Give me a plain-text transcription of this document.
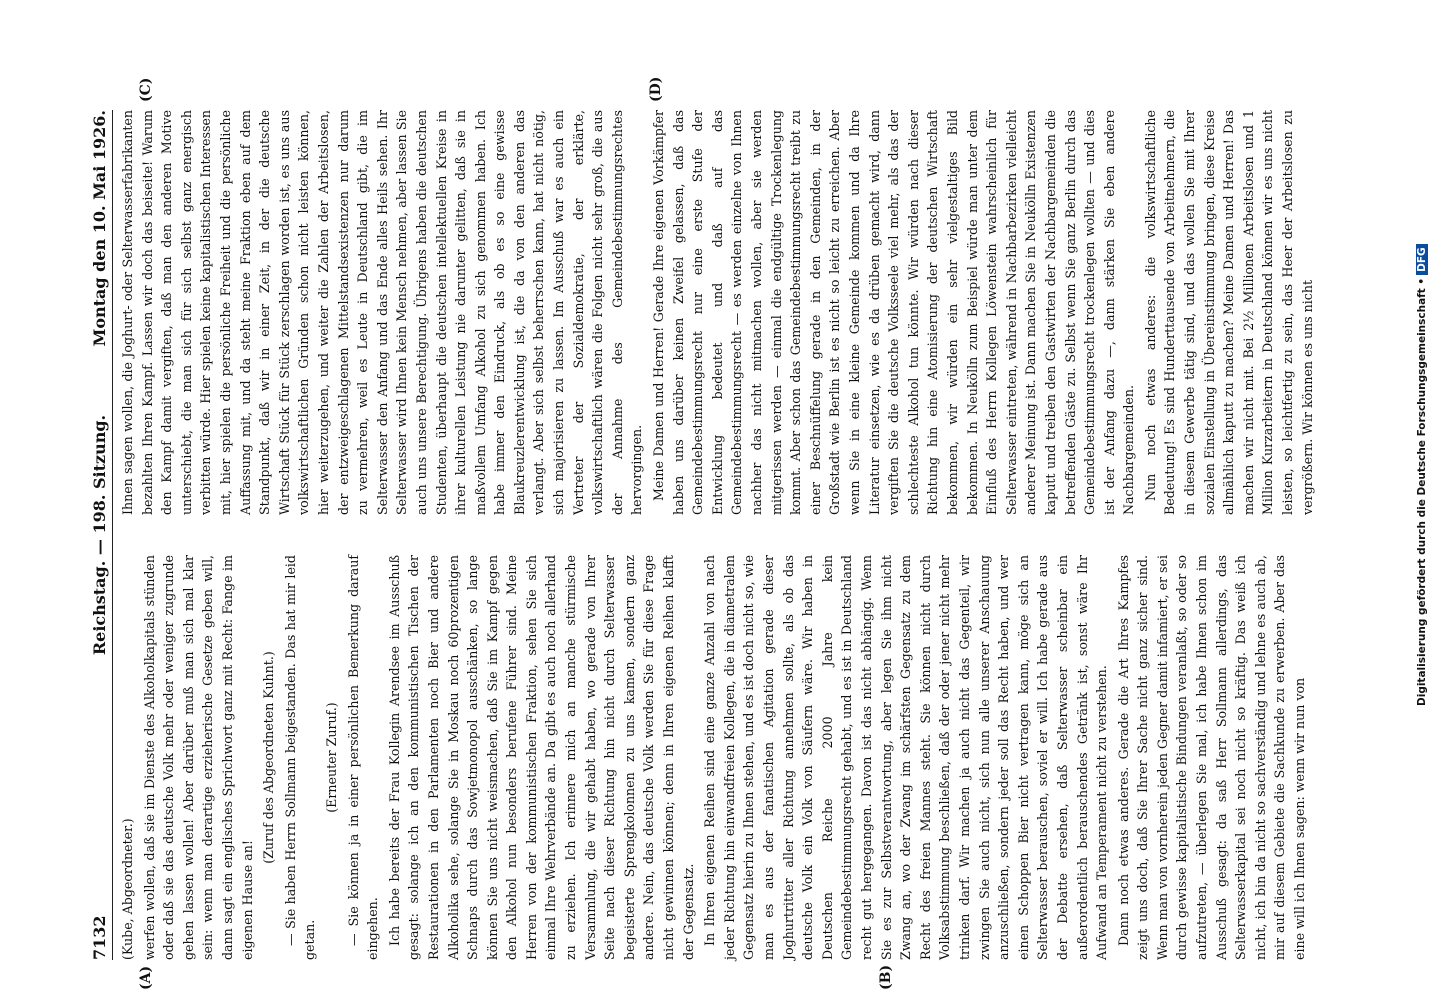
7132
Reichstag. — 198. Sitzung.
Montag den 10. Mai 1926.

(Kube, Abgeordneter.) werfen wollen, daß sie im Dienste des Alkoholkapitals stünden oder daß sie das deutsche Volk mehr oder weniger zugrunde gehen lassen wollen! Aber darüber muß man sich mal klar sein: wenn man derartige erzieherische Gesetze geben will, dann sagt ein englisches Sprichwort ganz mit Recht: Fange im eigenen Hause an!

(Zuruf des Abgeordneten Kuhnt.) — Sie haben Herrn Sollmann beigestanden. Das hat mir leid getan.

(Erneuter Zuruf.) — Sie können ja in einer persönlichen Bemerkung darauf eingehen. Ich habe bereits der Frau Kollegin Arendsee im Ausschuß gesagt: solange ich an den kommunistischen Tischen der Restaurationen in den Parlamenten noch Bier und andere Alkoholika sehe, solange Sie in Moskau noch 60prozentigen Schnaps durch das Sowjetmonopol ausschänken, so lange können Sie uns nicht weismachen, daß Sie im Kampf gegen den Alkohol nun besonders berufene Führer sind. Meine Herren von der kommunistischen Fraktion, sehen Sie sich einmal Ihre Wehrverbände an. Da gibt es auch noch allerhand zu erziehen. Ich erinnere mich an manche stürmische Versammlung, die wir gehabt haben, wo gerade von Ihrer Seite nach dieser Richtung hin nicht durch Selterwasser begeisterte Sprengkolonnen zu uns kamen, sondern ganz andere. Nein, das deutsche Volk werden Sie für diese Frage nicht gewinnen können; denn in Ihren eigenen Reihen klafft der Gegensatz. In Ihren eigenen Reihen sind eine ganze Anzahl von nach jeder Richtung hin einwandfreien Kollegen, die in diametralem Gegensatz hierin zu Ihnen stehen, und es ist doch nicht so, wie man es aus der fanatischen Agitation gerade dieser Joghurtritter aller Richtung annehmen sollte, als ob das deutsche Volk ein Volk von Säufern wäre. Wir haben in Deutschen Reiche 2000 Jahre kein Gemeindebestimmungsrecht gehabt, und es ist in Deutschland recht gut hergegangen. Davon ist das nicht abhängig. Wenn Sie es zur Selbstverantwortung, aber legen Sie ihm nicht Zwang an, wo der Zwang im schärfsten Gegensatz zu dem Recht des freien Mannes steht. Sie können nicht durch Volksabstimmung beschließen, daß der oder jener nicht mehr trinken darf. Wir machen ja auch nicht das Gegenteil, wir zwingen Sie auch nicht, sich nun alle unserer Anschauung anzuschließen, sondern jeder soll das Recht haben, und wer einen Schoppen Bier nicht vertragen kann, möge sich an Selterwasser berauschen, soviel er will. Ich habe gerade aus der Debatte ersehen, daß Selterwasser scheinbar ein außerordentlich berauschendes Getränk ist, sonst wäre Ihr Aufwand an Temperament nicht zu verstehen. Dann noch etwas anderes. Gerade die Art Ihres Kampfes zeigt uns doch, daß Sie Ihrer Sache nicht ganz sicher sind. Wenn man von vornherein jeden Gegner damit infamiert, er sei durch gewisse kapitalistische Bindungen veranlaßt, so oder so aufzutreten, — überlegen Sie mal, ich habe Ihnen schon im Ausschuß gesagt: da saß Herr Sollmann allerdings, das Selterwasserkapital sei noch nicht so kräftig. Das weiß ich nicht, ich bin da nicht so sachverständig und lehne es auch ab, mir auf diesem Gebiete die Sachkunde zu erwerben. Aber das eine will ich Ihnen sagen: wenn wir nun von

Ihnen sagen wollen, die Joghurt- oder Selterwasserfabrikanten bezahlten Ihren Kampf. Lassen wir doch das beiseite! Warum den Kampf damit vergiften, daß man den anderen Motive unterschiebt, die man sich für sich selbst ganz energisch verbitten würde. Hier spielen keine kapitalistischen Interessen mit, hier spielen die persönliche Freiheit und die persönliche Auffassung mit, und da steht meine Fraktion eben auf dem Standpunkt, daß wir in einer Zeit, in der die deutsche Wirtschaft Stück für Stück zerschlagen worden ist, es uns aus volkswirtschaftlichen Gründen schon nicht leisten können, hier weiterzugehen, und weiter die Zahlen der Arbeitslosen, der entzweigeschlagenen Mittelstandsexistenzen nur darum zu vermehren, weil es Leute in Deutschland gibt, die im Selterwasser den Anfang und das Ende alles Heils sehen. Ihr Selterwasser wird Ihnen kein Mensch nehmen, aber lassen Sie auch uns unsere Berechtigung. Übrigens haben die deutschen Studenten, überhaupt die deutschen intellektuellen Kreise in ihrer kulturellen Leistung nie darunter gelitten, daß sie in maßvollem Umfang Alkohol zu sich genommen haben. Ich habe immer den Eindruck, als ob es so eine gewisse Blaukreuzlerentwicklung ist, die da von den anderen das verlangt. Aber sich selbst beherrschen kann, hat nicht nötig, sich majorisieren zu lassen. Im Ausschuß war es auch ein Vertreter der Sozialdemokratie, der erklärte, volkswirtschaftlich wären die Folgen nicht sehr groß, die aus der Annahme des Gemeindebestimmungsrechtes hervorgingen. Meine Damen und Herren! Gerade Ihre eigenen Vorkämpfer haben uns darüber keinen Zweifel gelassen, daß das Gemeindebestimmungsrecht nur eine erste Stufe der Entwicklung bedeutet und daß auf das Gemeindebestimmungsrecht — es werden einzelne von Ihnen nachher das nicht mitmachen wollen, aber sie werden mitgerissen werden — einmal die endgültige Trockenlegung kommt. Aber schon das Gemeindebestimmungsrecht treibt zu einer Beschnüffelung gerade in den Gemeinden, in der Großstadt wie Berlin ist es nicht so leicht zu erreichen. Aber wenn Sie in eine kleine Gemeinde kommen und da Ihre Literatur einsetzen, wie es da drüben gemacht wird, dann vergiften Sie die deutsche Volksseele viel mehr, als das der schlechteste Alkohol tun könnte. Wir würden nach dieser Richtung hin eine Atomisierung der deutschen Wirtschaft bekommen, wir würden ein sehr vielgestaltiges Bild bekommen. In Neukölln zum Beispiel würde man unter dem Einfluß des Herrn Kollegen Löwenstein wahrscheinlich für Selterwasser eintreten, während in Nachbarbezirken vielleicht anderer Meinung ist. Dann machen Sie in Neukölln Existenzen kaputt und treiben den Gastwirten der Nachbargemeinden die betreffenden Gäste zu. Selbst wenn Sie ganz Berlin durch das Gemeindebestimmungsrecht trockenlegen wollten — und dies ist der Anfang dazu —, dann stärken Sie eben andere Nachbargemeinden. Nun noch etwas anderes: die volkswirtschaftliche Bedeutung! Es sind Hunderttausende von Arbeitnehmern, die in diesem Gewerbe tätig sind, und das wollen Sie mit Ihrer sozialen Einstellung in Übereinstimmung bringen, diese Kreise allmählich kaputt zu machen? Meine Damen und Herren! Das machen wir nicht mit. Bei 2½ Millionen Arbeitslosen und 1 Million Kurzarbeitern in Deutschland können wir es uns nicht leisten, so leichtfertig zu sein, das Heer der Arbeitslosen zu vergrößern. Wir können es uns nicht

(A)	(B)
(C)	(D)
Digitalisierung gefördert durch die Deutsche Forschungsgemeinschaft •DFG
